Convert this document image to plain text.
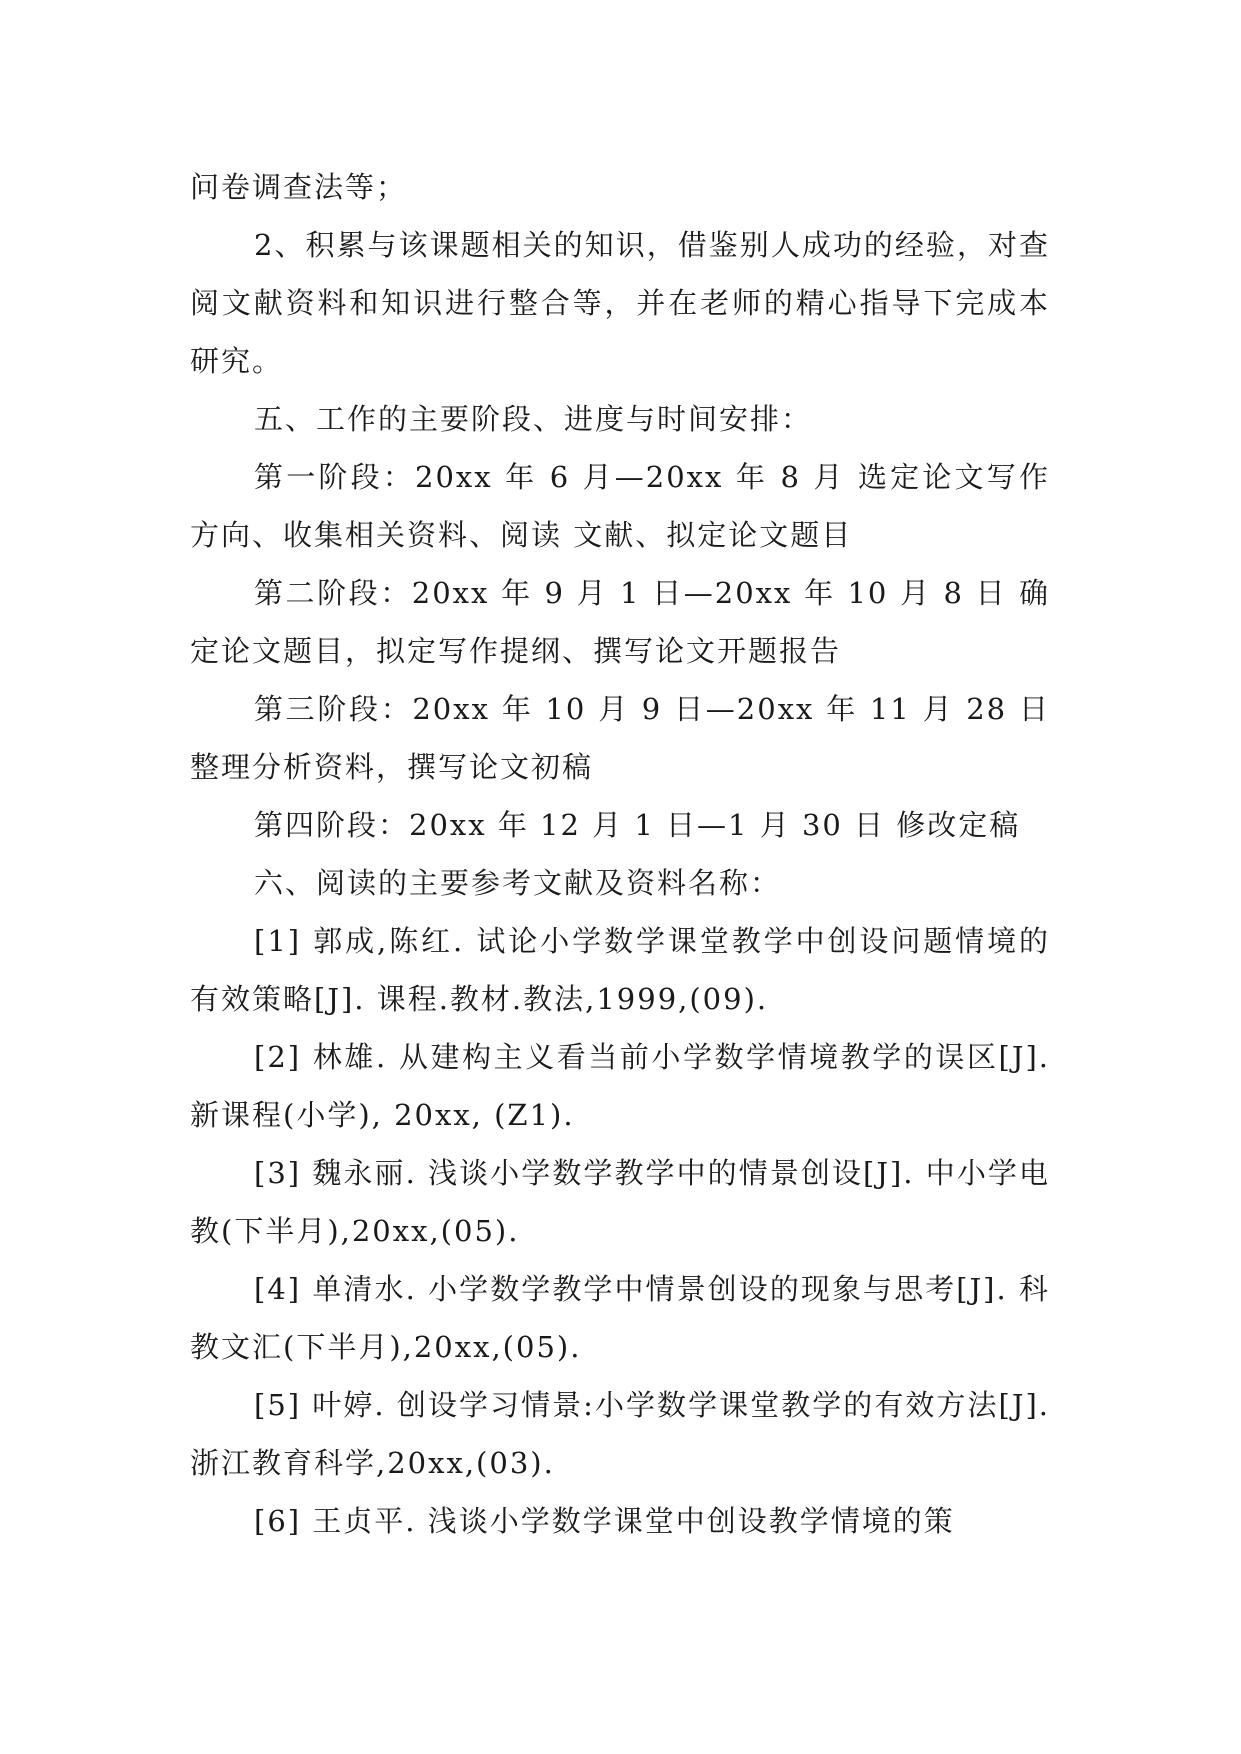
问卷调查法等；

2、积累与该课题相关的知识，借鉴别人成功的经验，对查阅文献资料和知识进行整合等，并在老师的精心指导下完成本研究。

五、工作的主要阶段、进度与时间安排：

第一阶段：20xx 年 6 月—20xx 年 8 月 选定论文写作方向、收集相关资料、阅读 文献、拟定论文题目

第二阶段：20xx 年 9 月 1 日—20xx 年 10 月 8 日 确定论文题目，拟定写作提纲、撰写论文开题报告

第三阶段：20xx 年 10 月 9 日—20xx 年 11 月 28 日 整理分析资料，撰写论文初稿

第四阶段：20xx 年 12 月 1 日—1 月 30 日 修改定稿

六、阅读的主要参考文献及资料名称：

[1] 郭成,陈红. 试论小学数学课堂教学中创设问题情境的有效策略[J]. 课程.教材.教法,1999,(09).

[2] 林雄. 从建构主义看当前小学数学情境教学的误区[J]. 新课程(小学), 20xx, (Z1).

[3] 魏永丽. 浅谈小学数学教学中的情景创设[J]. 中小学电教(下半月),20xx,(05).

[4] 单清水. 小学数学教学中情景创设的现象与思考[J]. 科教文汇(下半月),20xx,(05).

[5] 叶婷. 创设学习情景:小学数学课堂教学的有效方法[J]. 浙江教育科学,20xx,(03).

[6] 王贞平. 浅谈小学数学课堂中创设教学情境的策
